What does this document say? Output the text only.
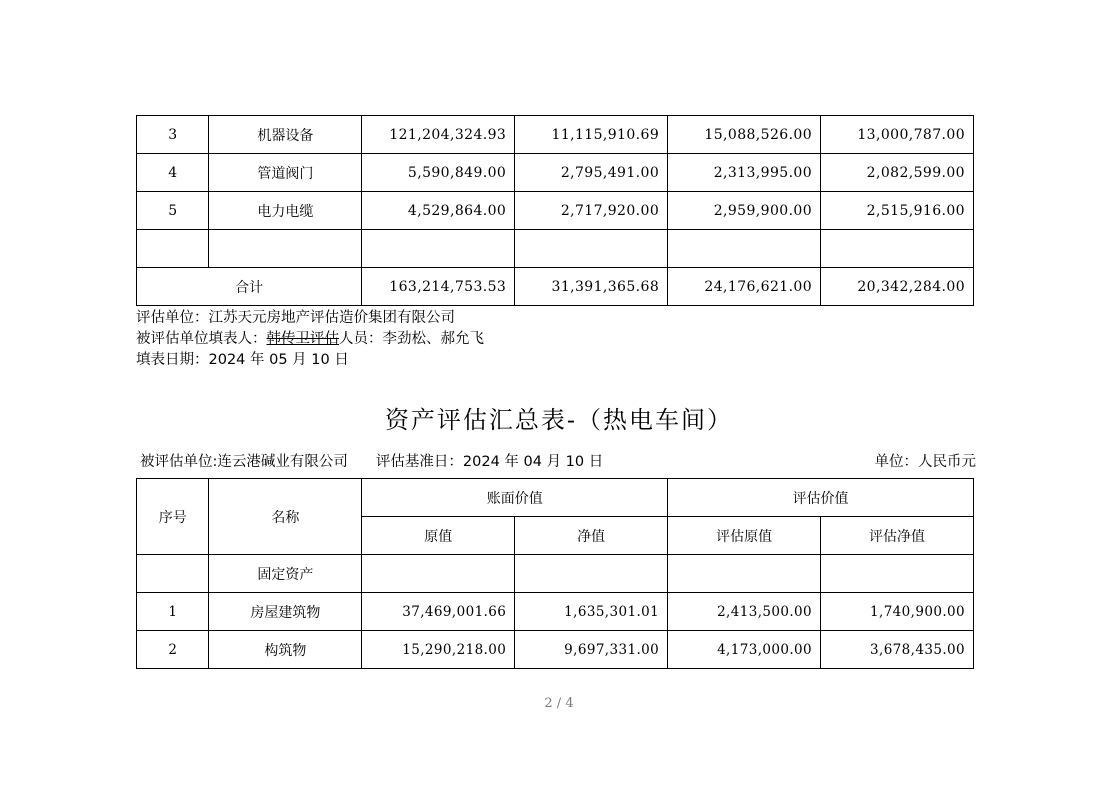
3	机器设备	121,204,324.93	11,115,910.69	15,088,526.00	13,000,787.00
4	管道阀门	5,590,849.00	2,795,491.00	2,313,995.00	2,082,599.00
5	电力电缆	4,529,864.00	2,717,920.00	2,959,900.00	2,515,916.00

合计		163,214,753.53	31,391,365.68	24,176,621.00	20,342,284.00
评估单位：江苏天元房地产评估造价集团有限公司
被评估单位填表人：韩传卫评估人员：李劲松、郝允飞
填表日期：2024 年 05 月 10 日
资产评估汇总表-（热电车间）
被评估单位:连云港碱业有限公司 评估基准日：2024 年 04 月 10 日	单位：人民币元
序号	名称	账面价值		评估价值	
		原值	净值	评估原值	评估净值
	固定资产				
1	房屋建筑物	37,469,001.66	1,635,301.01	2,413,500.00	1,740,900.00
2	构筑物	15,290,218.00	9,697,331.00	4,173,000.00	3,678,435.00
2 / 4
